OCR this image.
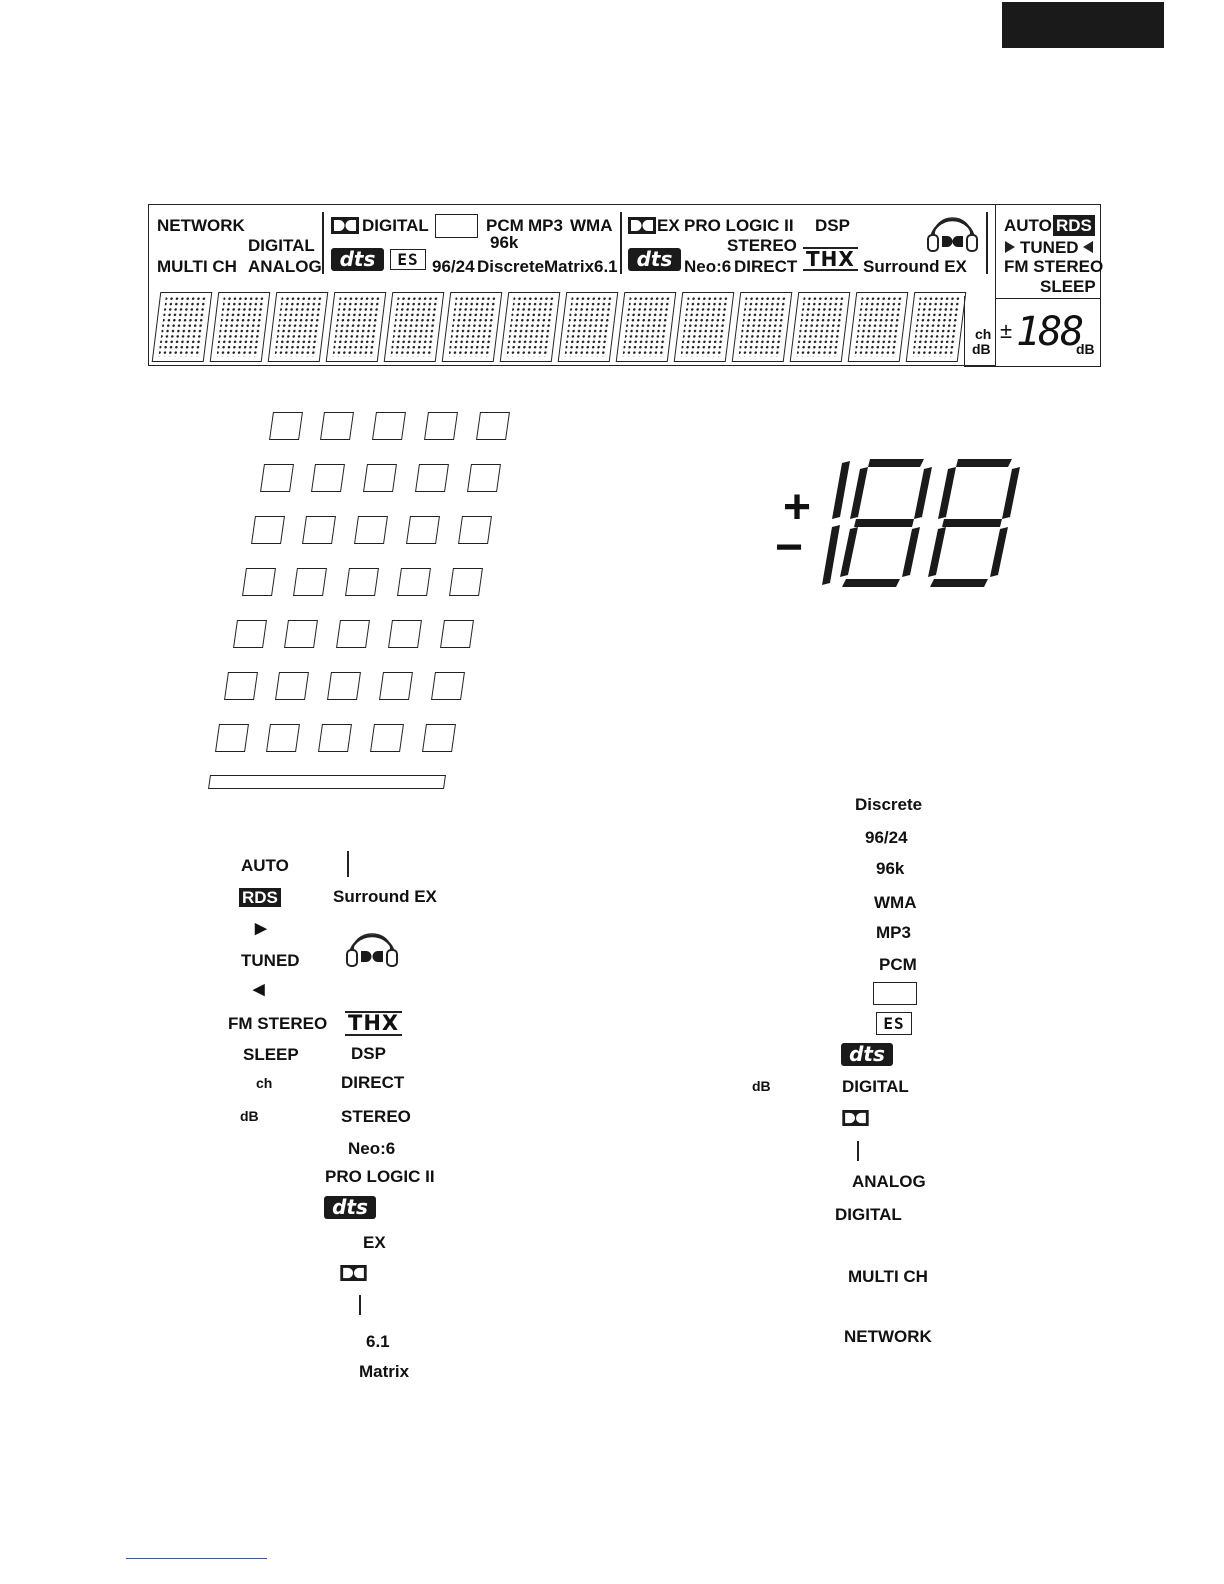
NETWORK
DIGITAL
MULTI CH ANALOG
DIGITAL	PCM MP3 WMA
96k
dts	ES 96/24 Discrete Matrix 6.1
EX PRO LOGIC II DSP
STEREO
dts Neo:6 DIRECT THX Surround EX
AUTO RDS
TUNED
FM STEREO
SLEEP
ch
dB
± 188
dB
+
−
AUTO
RDS
▶
TUNED
◀
FM STEREO
SLEEP
ch
dB
Surround EX
THX
DSP
DIRECT
STEREO
Neo:6
PRO LOGIC II
dts
EX
6.1
Matrix
Discrete
96/24
96k
WMA
MP3
PCM
ES
dts
dB	DIGITAL
ANALOG
DIGITAL
MULTI CH
NETWORK
